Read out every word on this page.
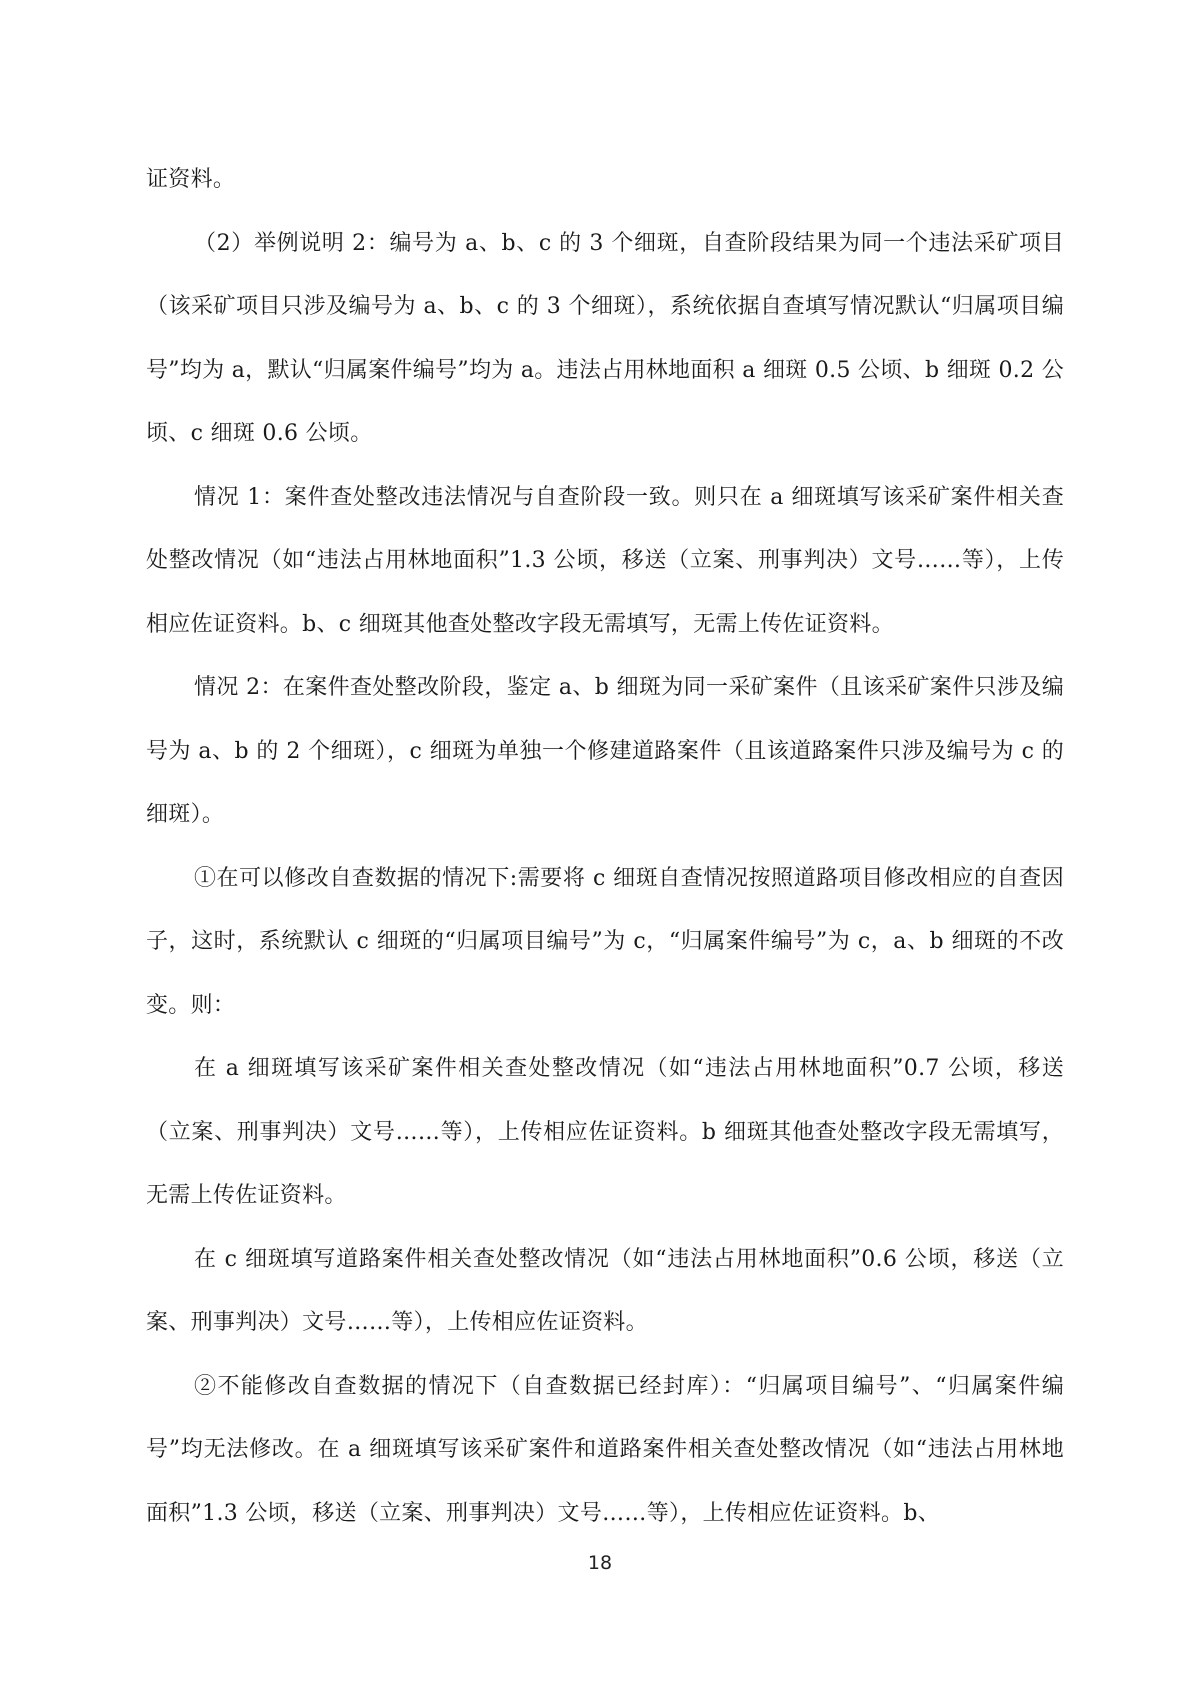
证资料。

（2）举例说明 2：编号为 a、b、c 的 3 个细斑，自查阶段结果为同一个违法采矿项目（该采矿项目只涉及编号为 a、b、c 的 3 个细斑），系统依据自查填写情况默认“归属项目编号”均为 a，默认“归属案件编号”均为 a。违法占用林地面积 a 细斑 0.5 公顷、b 细斑 0.2 公顷、c 细斑 0.6 公顷。

情况 1：案件查处整改违法情况与自查阶段一致。则只在 a 细斑填写该采矿案件相关查处整改情况（如“违法占用林地面积”1.3 公顷，移送（立案、刑事判决）文号……等），上传相应佐证资料。b、c 细斑其他查处整改字段无需填写，无需上传佐证资料。

情况 2：在案件查处整改阶段，鉴定 a、b 细斑为同一采矿案件（且该采矿案件只涉及编号为 a、b 的 2 个细斑），c 细斑为单独一个修建道路案件（且该道路案件只涉及编号为 c 的细斑）。

①在可以修改自查数据的情况下:需要将 c 细斑自查情况按照道路项目修改相应的自查因子，这时，系统默认 c 细斑的“归属项目编号”为 c，“归属案件编号”为 c，a、b 细斑的不改变。则：

在 a 细斑填写该采矿案件相关查处整改情况（如“违法占用林地面积”0.7 公顷，移送（立案、刑事判决）文号……等），上传相应佐证资料。b 细斑其他查处整改字段无需填写，无需上传佐证资料。

在 c 细斑填写道路案件相关查处整改情况（如“违法占用林地面积”0.6 公顷，移送（立案、刑事判决）文号……等），上传相应佐证资料。

②不能修改自查数据的情况下（自查数据已经封库）：“归属项目编号”、“归属案件编号”均无法修改。在 a 细斑填写该采矿案件和道路案件相关查处整改情况（如“违法占用林地面积”1.3 公顷，移送（立案、刑事判决）文号……等），上传相应佐证资料。b、

18
